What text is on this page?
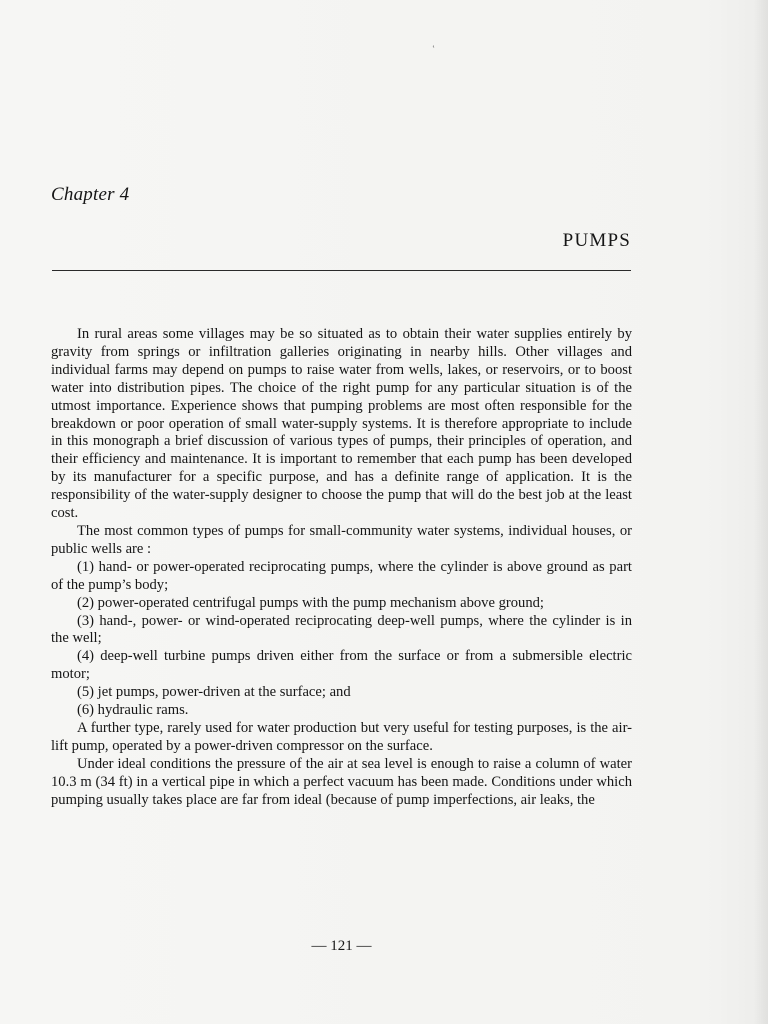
‛
Chapter 4
PUMPS

In rural areas some villages may be so situated as to obtain their water supplies entirely by gravity from springs or infiltration galleries originating in nearby hills. Other villages and individual farms may depend on pumps to raise water from wells, lakes, or reservoirs, or to boost water into distribution pipes. The choice of the right pump for any particular situation is of the utmost importance. Experience shows that pumping problems are most often responsible for the breakdown or poor operation of small water-supply systems. It is therefore appropriate to include in this monograph a brief discussion of various types of pumps, their principles of operation, and their efficiency and maintenance. It is important to remember that each pump has been developed by its manufacturer for a specific purpose, and has a definite range of application. It is the responsibility of the water-supply designer to choose the pump that will do the best job at the least cost.

The most common types of pumps for small-community water systems, individual houses, or public wells are :

(1) hand- or power-operated reciprocating pumps, where the cylinder is above ground as part of the pump’s body;

(2) power-operated centrifugal pumps with the pump mechanism above ground;

(3) hand-, power- or wind-operated reciprocating deep-well pumps, where the cylinder is in the well;

(4) deep-well turbine pumps driven either from the surface or from a submersible electric motor;

(5) jet pumps, power-driven at the surface; and

(6) hydraulic rams.

A further type, rarely used for water production but very useful for testing purposes, is the air-lift pump, operated by a power-driven compressor on the surface.

Under ideal conditions the pressure of the air at sea level is enough to raise a column of water 10.3 m (34 ft) in a vertical pipe in which a perfect vacuum has been made. Conditions under which pumping usually takes place are far from ideal (because of pump imperfections, air leaks, the

— 121 —
